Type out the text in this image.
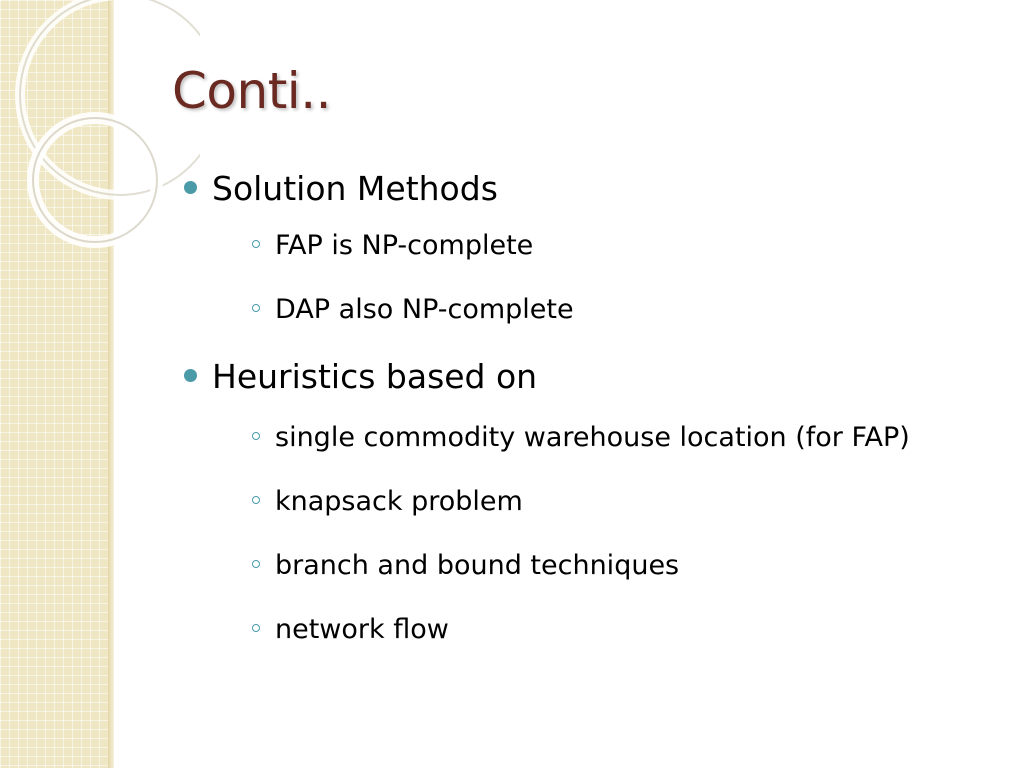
Conti..
Solution Methods
FAP is NP-complete
DAP also NP-complete
Heuristics based on
single commodity warehouse location (for FAP)
knapsack problem
branch and bound techniques
network flow
